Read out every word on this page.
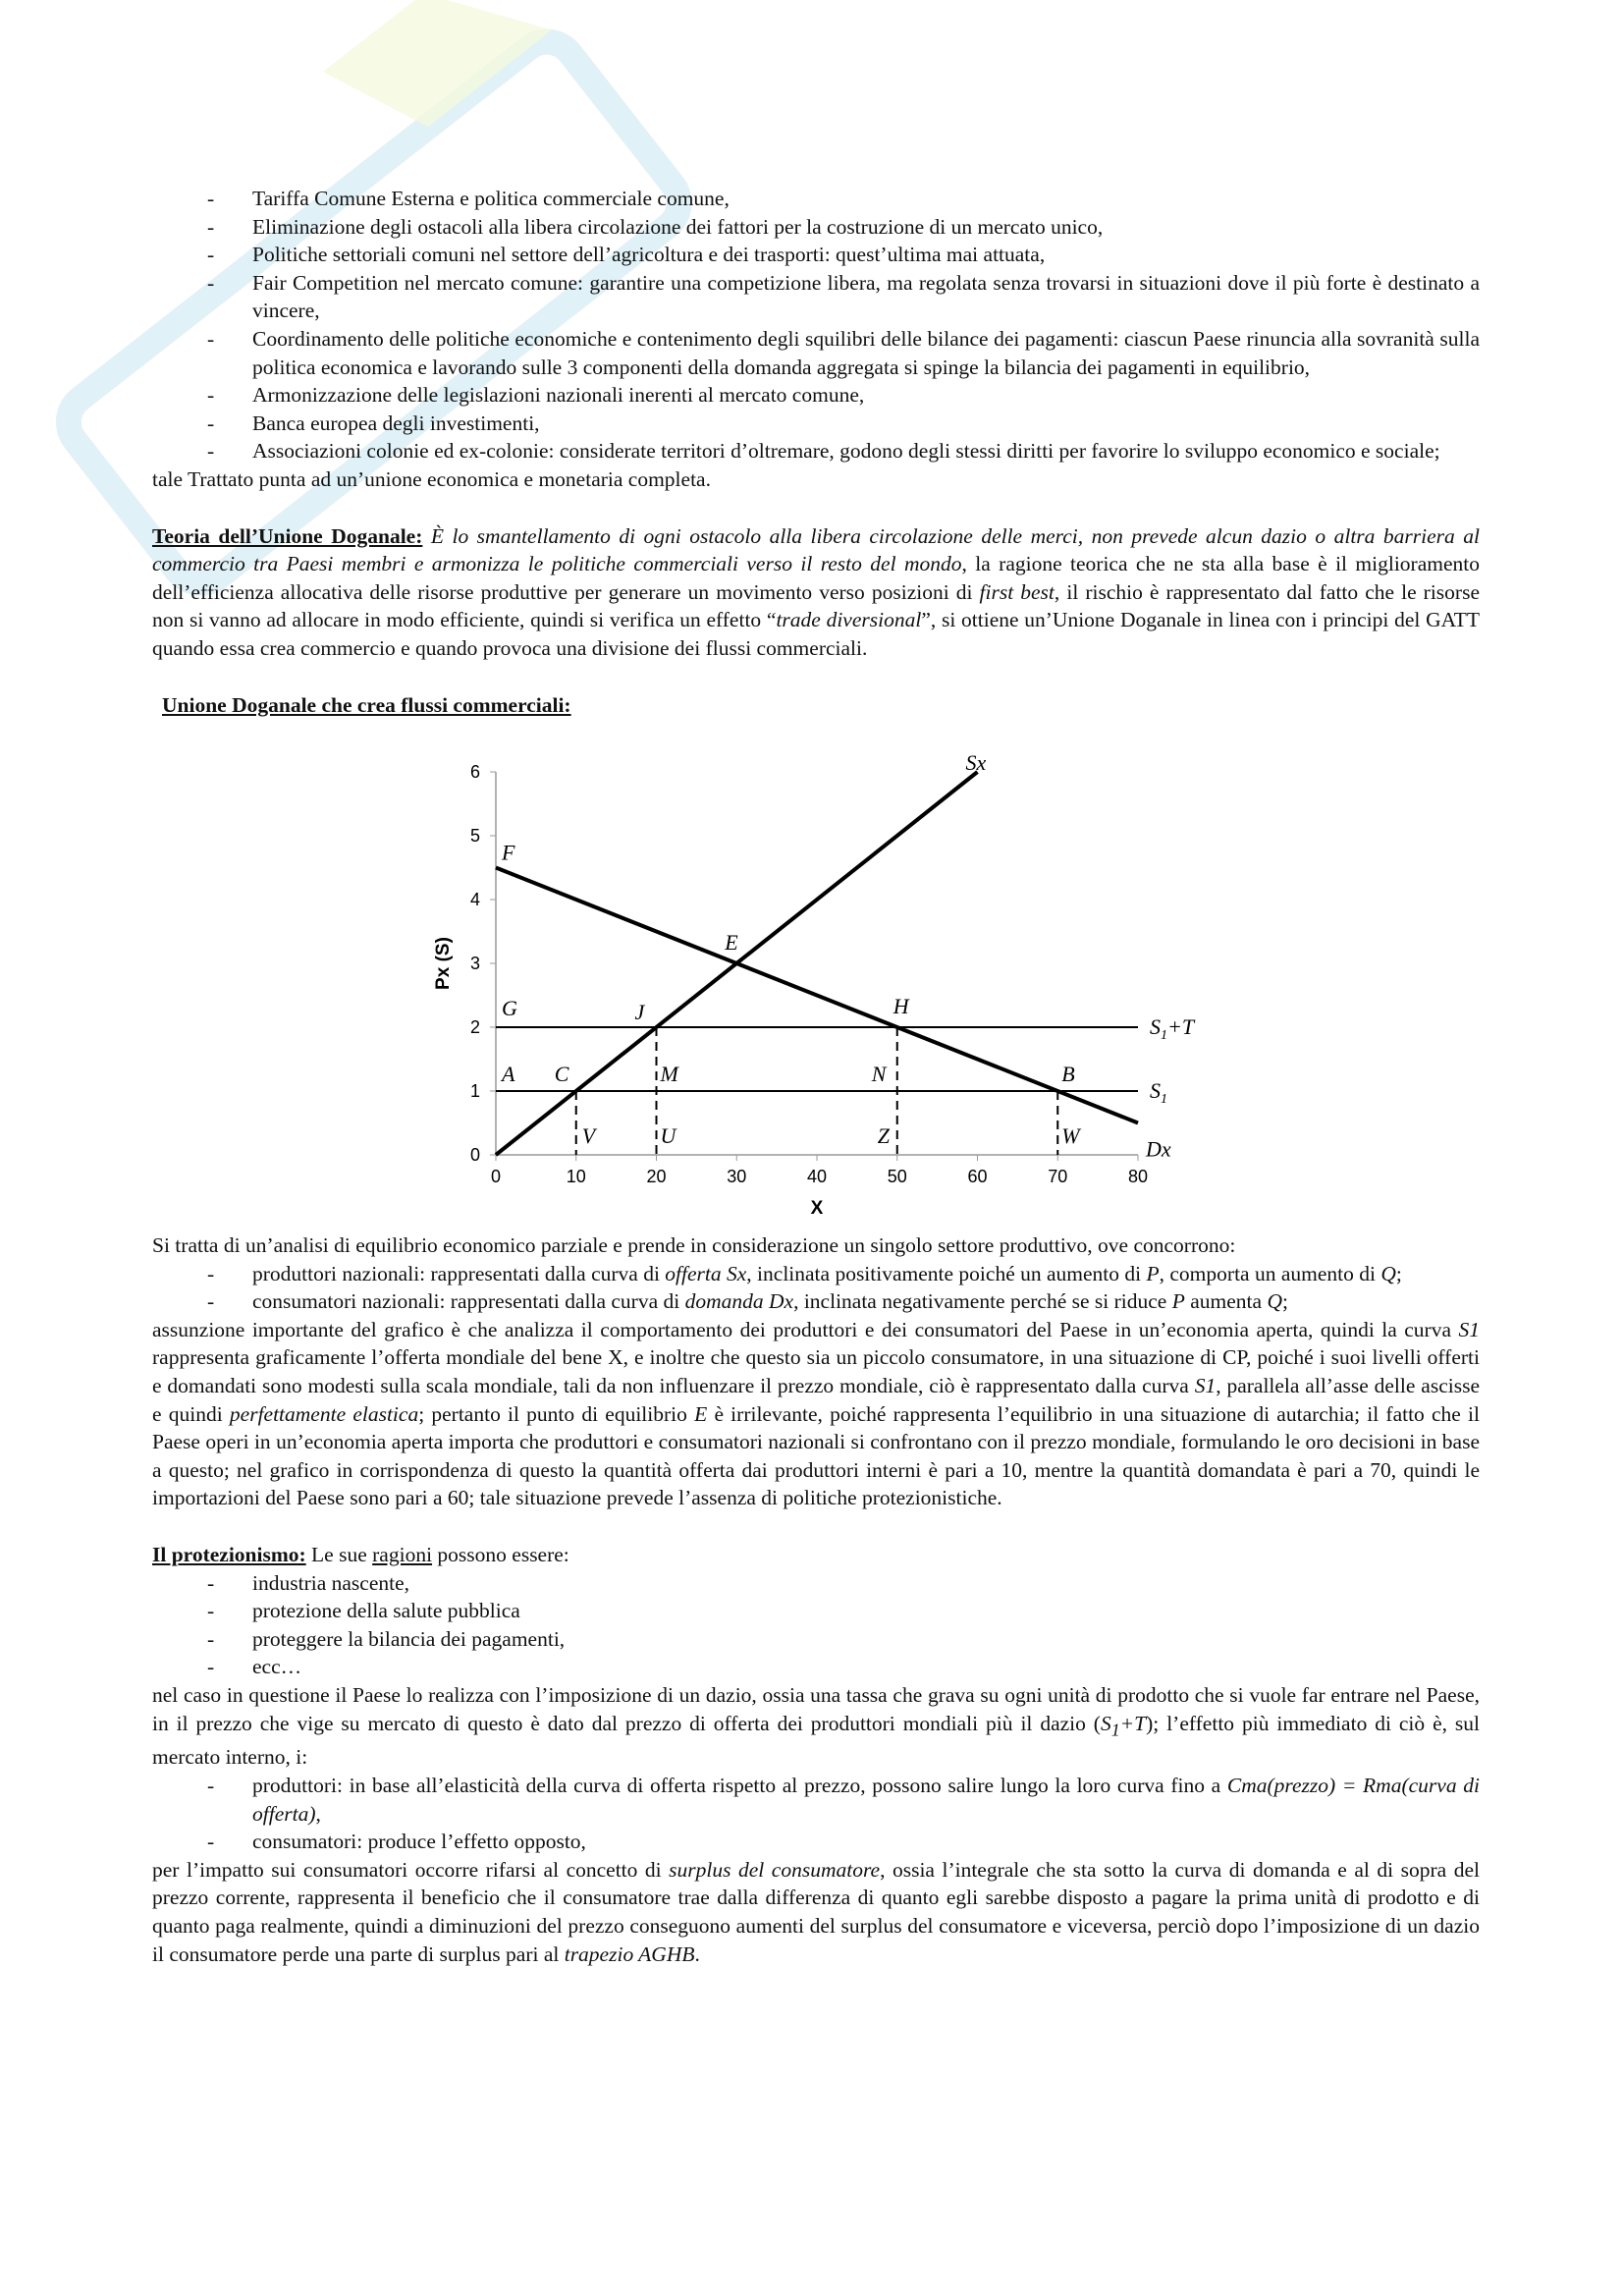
- Tariffa Comune Esterna e politica commerciale comune,
- Eliminazione degli ostacoli alla libera circolazione dei fattori per la costruzione di un mercato unico,
- Politiche settoriali comuni nel settore dell’agricoltura e dei trasporti: quest’ultima mai attuata,
- Fair Competition nel mercato comune: garantire una competizione libera, ma regolata senza trovarsi in situazioni dove il più forte è destinato a vincere,
- Coordinamento delle politiche economiche e contenimento degli squilibri delle bilance dei pagamenti: ciascun Paese rinuncia alla sovranità sulla politica economica e lavorando sulle 3 componenti della domanda aggregata si spinge la bilancia dei pagamenti in equilibrio,
- Armonizzazione delle legislazioni nazionali inerenti al mercato comune,
- Banca europea degli investimenti,
- Associazioni colonie ed ex-colonie: considerate territori d’oltremare, godono degli stessi diritti per favorire lo sviluppo economico e sociale;

tale Trattato punta ad un’unione economica e monetaria completa.

Teoria dell’Unione Doganale: È lo smantellamento di ogni ostacolo alla libera circolazione delle merci, non prevede alcun dazio o altra barriera al commercio tra Paesi membri e armonizza le politiche commerciali verso il resto del mondo, la ragione teorica che ne sta alla base è il miglioramento dell’efficienza allocativa delle risorse produttive per generare un movimento verso posizioni di first best, il rischio è rappresentato dal fatto che le risorse non si vanno ad allocare in modo efficiente, quindi si verifica un effetto “trade diversional”, si ottiene un’Unione Doganale in linea con i principi del GATT quando essa crea commercio e quando provoca una divisione dei flussi commerciali.

Unione Doganale che crea flussi commerciali:

0	10	20	30	40	50	60	70	80
0
1
2
3
4
5
6
X
Px (S)
F
E
G	J	H
A C	M	N	B
V	U	Z	W
Sx
Dx
$S_1+T$
$S_1$

Si tratta di un’analisi di equilibrio economico parziale e prende in considerazione un singolo settore produttivo, ove concorrono:

- produttori nazionali: rappresentati dalla curva di offerta Sx, inclinata positivamente poiché un aumento di P, comporta un aumento di Q;
- consumatori nazionali: rappresentati dalla curva di domanda Dx, inclinata negativamente perché se si riduce P aumenta Q;

assunzione importante del grafico è che analizza il comportamento dei produttori e dei consumatori del Paese in un’economia aperta, quindi la curva S1 rappresenta graficamente l’offerta mondiale del bene X, e inoltre che questo sia un piccolo consumatore, in una situazione di CP, poiché i suoi livelli offerti e domandati sono modesti sulla scala mondiale, tali da non influenzare il prezzo mondiale, ciò è rappresentato dalla curva S1, parallela all’asse delle ascisse e quindi perfettamente elastica; pertanto il punto di equilibrio E è irrilevante, poiché rappresenta l’equilibrio in una situazione di autarchia; il fatto che il Paese operi in un’economia aperta importa che produttori e consumatori nazionali si confrontano con il prezzo mondiale, formulando le oro decisioni in base a questo; nel grafico in corrispondenza di questo la quantità offerta dai produttori interni è pari a 10, mentre la quantità domandata è pari a 70, quindi le importazioni del Paese sono pari a 60; tale situazione prevede l’assenza di politiche protezionistiche.

Il protezionismo: Le sue ragioni possono essere:

- industria nascente,
- protezione della salute pubblica
- proteggere la bilancia dei pagamenti,
- ecc…

nel caso in questione il Paese lo realizza con l’imposizione di un dazio, ossia una tassa che grava su ogni unità di prodotto che si vuole far entrare nel Paese, in il prezzo che vige su mercato di questo è dato dal prezzo di offerta dei produttori mondiali più il dazio $(S_1+T)$; l’effetto più immediato di ciò è, sul mercato interno, i:

- produttori: in base all’elasticità della curva di offerta rispetto al prezzo, possono salire lungo la loro curva fino a Cma(prezzo) = Rma(curva di offerta),
- consumatori: produce l’effetto opposto,

per l’impatto sui consumatori occorre rifarsi al concetto di surplus del consumatore, ossia l’integrale che sta sotto la curva di domanda e al di sopra del prezzo corrente, rappresenta il beneficio che il consumatore trae dalla differenza di quanto egli sarebbe disposto a pagare la prima unità di prodotto e di quanto paga realmente, quindi a diminuzioni del prezzo conseguono aumenti del surplus del consumatore e viceversa, perciò dopo l’imposizione di un dazio il consumatore perde una parte di surplus pari al trapezio AGHB.
